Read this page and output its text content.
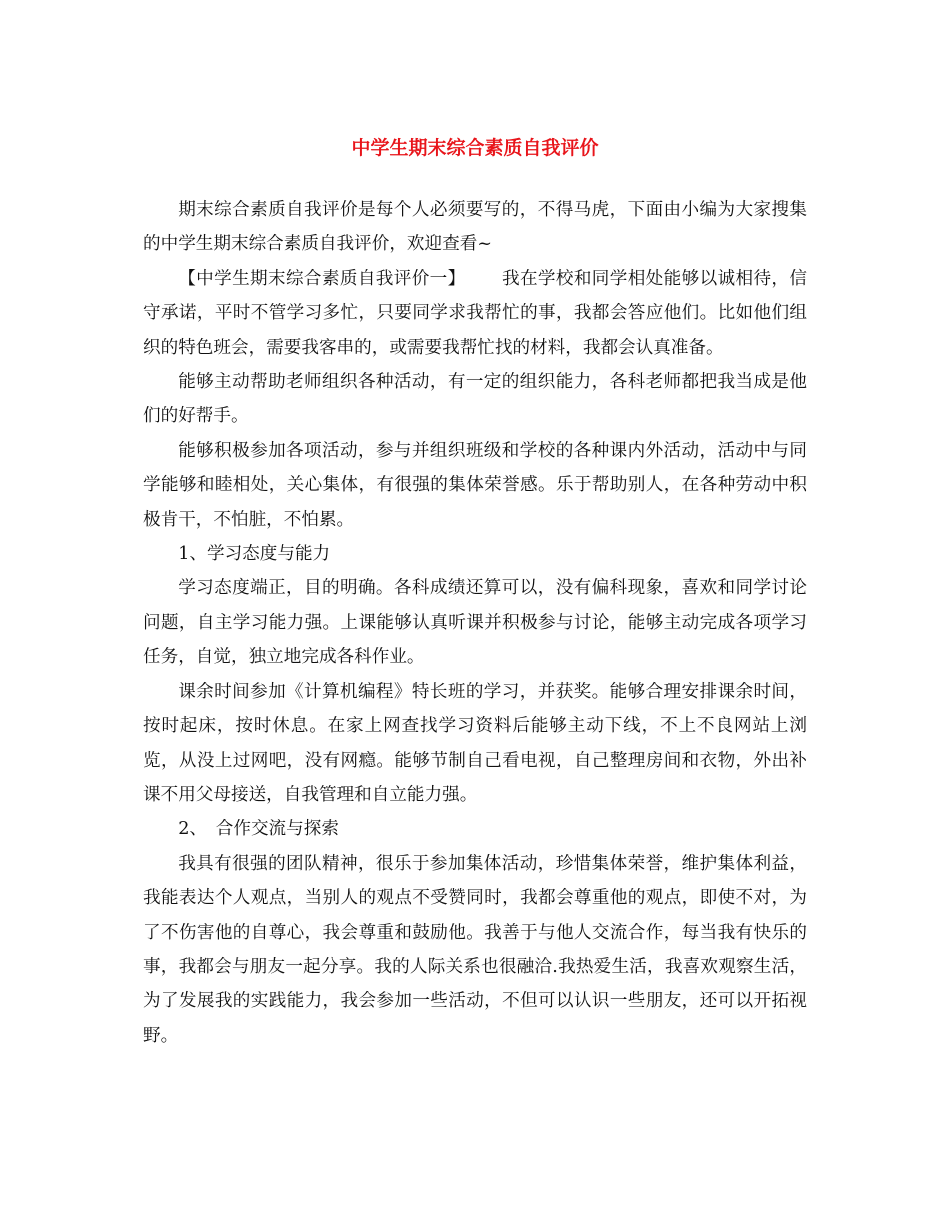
中学生期末综合素质自我评价

期末综合素质自我评价是每个人必须要写的，不得马虎，下面由小编为大家搜集的中学生期末综合素质自我评价，欢迎查看~

【中学生期末综合素质自我评价一】 我在学校和同学相处能够以诚相待，信守承诺，平时不管学习多忙，只要同学求我帮忙的事，我都会答应他们。比如他们组织的特色班会，需要我客串的，或需要我帮忙找的材料，我都会认真准备。

能够主动帮助老师组织各种活动，有一定的组织能力，各科老师都把我当成是他们的好帮手。

能够积极参加各项活动，参与并组织班级和学校的各种课内外活动，活动中与同学能够和睦相处，关心集体，有很强的集体荣誉感。乐于帮助别人，在各种劳动中积极肯干，不怕脏，不怕累。

1、学习态度与能力

学习态度端正，目的明确。各科成绩还算可以，没有偏科现象，喜欢和同学讨论问题，自主学习能力强。上课能够认真听课并积极参与讨论，能够主动完成各项学习任务，自觉，独立地完成各科作业。

课余时间参加《计算机编程》特长班的学习，并获奖。能够合理安排课余时间，按时起床，按时休息。在家上网查找学习资料后能够主动下线，不上不良网站上浏览，从没上过网吧，没有网瘾。能够节制自己看电视，自己整理房间和衣物，外出补课不用父母接送，自我管理和自立能力强。

2、　合作交流与探索

我具有很强的团队精神，很乐于参加集体活动，珍惜集体荣誉，维护集体利益，我能表达个人观点，当别人的观点不受赞同时，我都会尊重他的观点，即使不对，为了不伤害他的自尊心，我会尊重和鼓励他。我善于与他人交流合作，每当我有快乐的事，我都会与朋友一起分享。我的人际关系也很融洽.我热爱生活，我喜欢观察生活，为了发展我的实践能力，我会参加一些活动，不但可以认识一些朋友，还可以开拓视野。
